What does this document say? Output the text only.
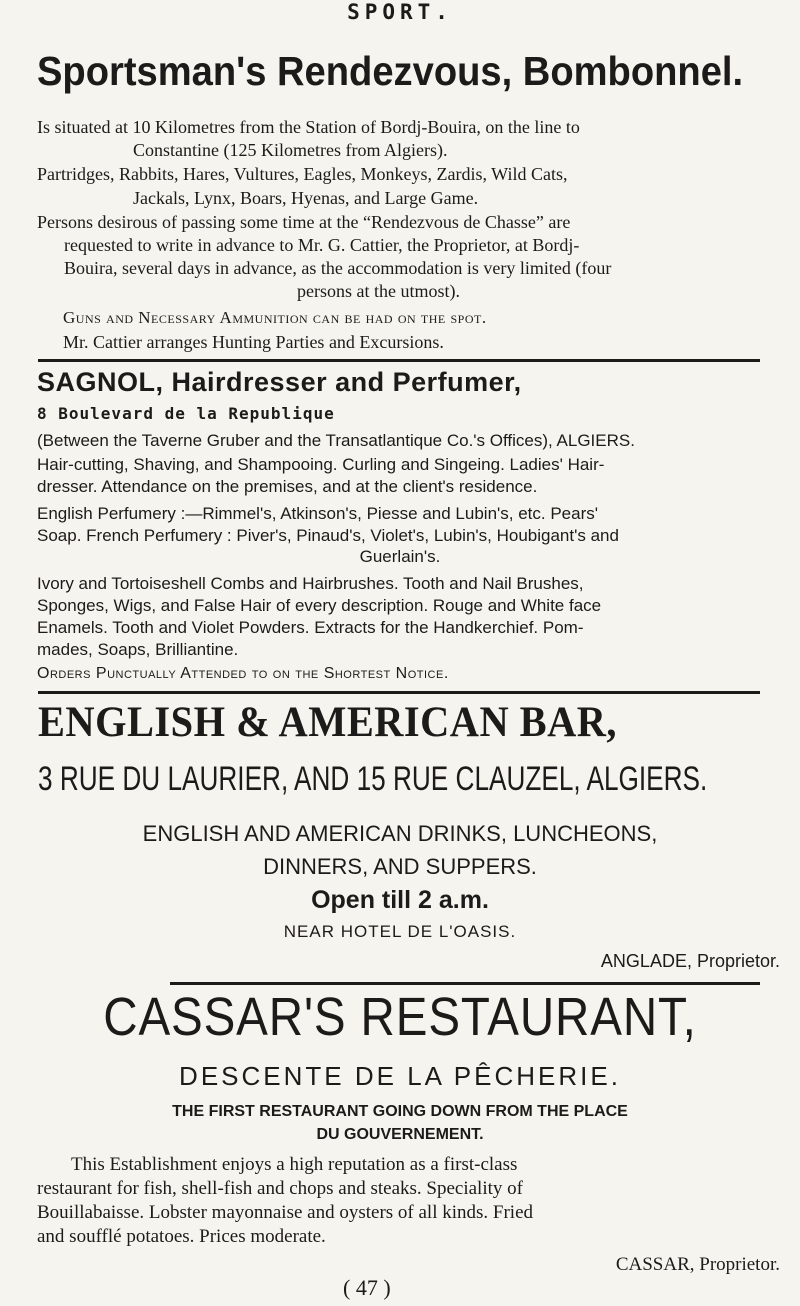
SPORT.
Sportsman's Rendezvous, Bombonnel.
Is situated at 10 Kilometres from the Station of Bordj-Bouira, on the line to
Constantine (125 Kilometres from Algiers).
Partridges, Rabbits, Hares, Vultures, Eagles, Monkeys, Zardis, Wild Cats,
Jackals, Lynx, Boars, Hyenas, and Large Game.
Persons desirous of passing some time at the “Rendezvous de Chasse” are
requested to write in advance to Mr. G. Cattier, the Proprietor, at Bordj-
Bouira, several days in advance, as the accommodation is very limited (four
persons at the utmost).
Guns and Necessary Ammunition can be had on the spot.
Mr. Cattier arranges Hunting Parties and Excursions.
SAGNOL, Hairdresser and Perfumer,
8 Boulevard de la Republique
(Between the Taverne Gruber and the Transatlantique Co.'s Offices), ALGIERS.
Hair-cutting, Shaving, and Shampooing. Curling and Singeing. Ladies' Hair-
dresser. Attendance on the premises, and at the client's residence.
English Perfumery :—Rimmel's, Atkinson's, Piesse and Lubin's, etc. Pears'
Soap. French Perfumery : Piver's, Pinaud's, Violet's, Lubin's, Houbigant's and
Guerlain's.
Ivory and Tortoiseshell Combs and Hairbrushes. Tooth and Nail Brushes,
Sponges, Wigs, and False Hair of every description. Rouge and White face
Enamels. Tooth and Violet Powders. Extracts for the Handkerchief. Pom-
mades, Soaps, Brilliantine.
Orders Punctually Attended to on the Shortest Notice.
ENGLISH & AMERICAN BAR,
3 RUE DU LAURIER, AND 15 RUE CLAUZEL, ALGIERS.
ENGLISH AND AMERICAN DRINKS, LUNCHEONS,
DINNERS, AND SUPPERS.
Open till 2 a.m.
NEAR HOTEL DE L'OASIS.
ANGLADE, Proprietor.
CASSAR'S RESTAURANT,
DESCENTE DE LA PÊCHERIE.
THE FIRST RESTAURANT GOING DOWN FROM THE PLACE
DU GOUVERNEMENT.
This Establishment enjoys a high reputation as a first-class
restaurant for fish, shell-fish and chops and steaks. Speciality of
Bouillabaisse. Lobster mayonnaise and oysters of all kinds. Fried
and soufflé potatoes. Prices moderate.
CASSAR, Proprietor.
( 47 )
